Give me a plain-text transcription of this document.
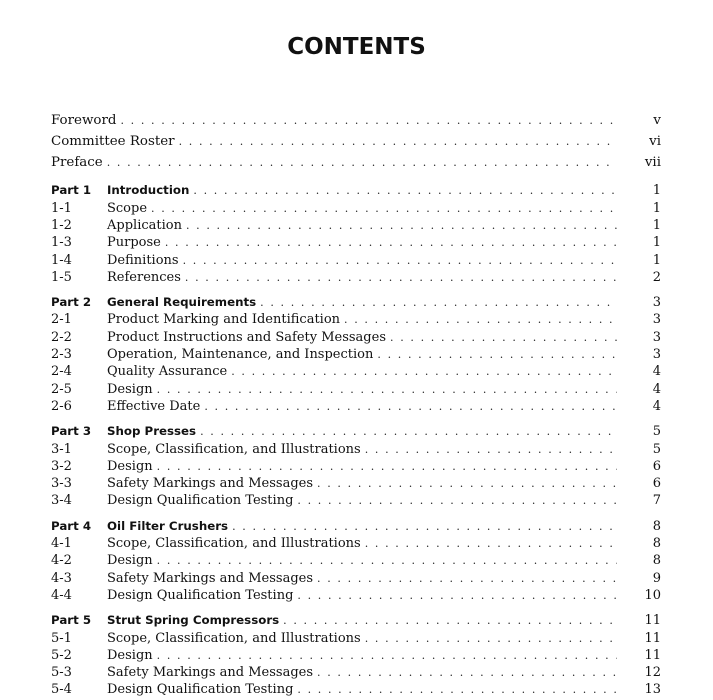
CONTENTS
Foreword . . .	v
Committee Roster . . .	vi
Preface . . .	vii
Part 1	Introduction . . .	1
1-1	Scope . . .	1
1-2	Application . . .	1
1-3	Purpose . . .	1
1-4	Definitions . . .	1
1-5	References . . .	2
Part 2	General Requirements . . .	3
2-1	Product Marking and Identification . . .	3
2-2	Product Instructions and Safety Messages . . .	3
2-3	Operation, Maintenance, and Inspection . . .	3
2-4	Quality Assurance . . .	4
2-5	Design . . .	4
2-6	Effective Date . . .	4
Part 3	Shop Presses . . .	5
3-1	Scope, Classification, and Illustrations . . .	5
3-2	Design . . .	6
3-3	Safety Markings and Messages . . .	6
3-4	Design Qualification Testing . . .	7
Part 4	Oil Filter Crushers . . .	8
4-1	Scope, Classification, and Illustrations . . .	8
4-2	Design . . .	8
4-3	Safety Markings and Messages . . .	9
4-4	Design Qualification Testing . . .	10
Part 5	Strut Spring Compressors . . .	11
5-1	Scope, Classification, and Illustrations . . .	11
5-2	Design . . .	11
5-3	Safety Markings and Messages . . .	12
5-4	Design Qualification Testing . . .	13
